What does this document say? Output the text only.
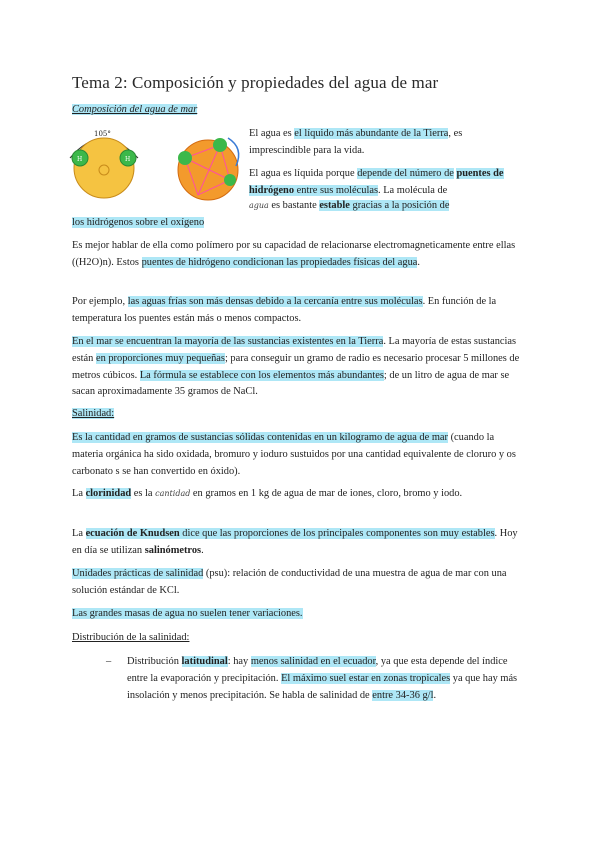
Tema 2: Composición y propiedades del agua de mar
Composición del agua de mar
105°
H	H
El agua es el líquido más abundante de la Tierra, es imprescindible para la vida.
El agua es líquida porque depende del número de puentes de hidrógeno entre sus moléculas. La molécula de
agua es bastante estable gracias a la posición de
los hidrógenos sobre el oxígeno
Es mejor hablar de ella como polímero por su capacidad de relacionarse electromagneticamente entre ellas ((H2O)n). Estos puentes de hidrógeno condicionan las propiedades físicas del agua.
Por ejemplo, las aguas frías son más densas debido a la cercanía entre sus moléculas. En función de la temperatura los puentes están más o menos compactos.
En el mar se encuentran la mayoría de las sustancias existentes en la Tierra. La mayoría de estas sustancias están en proporciones muy pequeñas; para conseguir un gramo de radio es necesario procesar 5 millones de metros cúbicos. La fórmula se establece con los elementos más abundantes; de un litro de agua de mar se sacan aproximadamente 35 gramos de NaCl.
Salinidad:
Es la cantidad en gramos de sustancias sólidas contenidas en un kilogramo de agua de mar (cuando la materia orgánica ha sido oxidada, bromuro y ioduro sustuidos por una cantidad equivalente de cloruro y os carbonato s se han convertido en óxido).
La clorinidad es la cantidad en gramos en 1 kg de agua de mar de iones, cloro, bromo y iodo.
La ecuación de Knudsen dice que las proporciones de los principales componentes son muy estables. Hoy en día se utilizan salinómetros.
Unidades prácticas de salinidad (psu): relación de conductividad de una muestra de agua de mar con una solución estándar de KCl.
Las grandes masas de agua no suelen tener variaciones.
Distribución de la salinidad:
– Distribución latitudinal: hay menos salinidad en el ecuador, ya que esta depende del índice entre la evaporación y precipitación. El máximo suel estar en zonas tropicales ya que hay más insolación y menos precipitación. Se habla de salinidad de entre 34-36 g/l.
